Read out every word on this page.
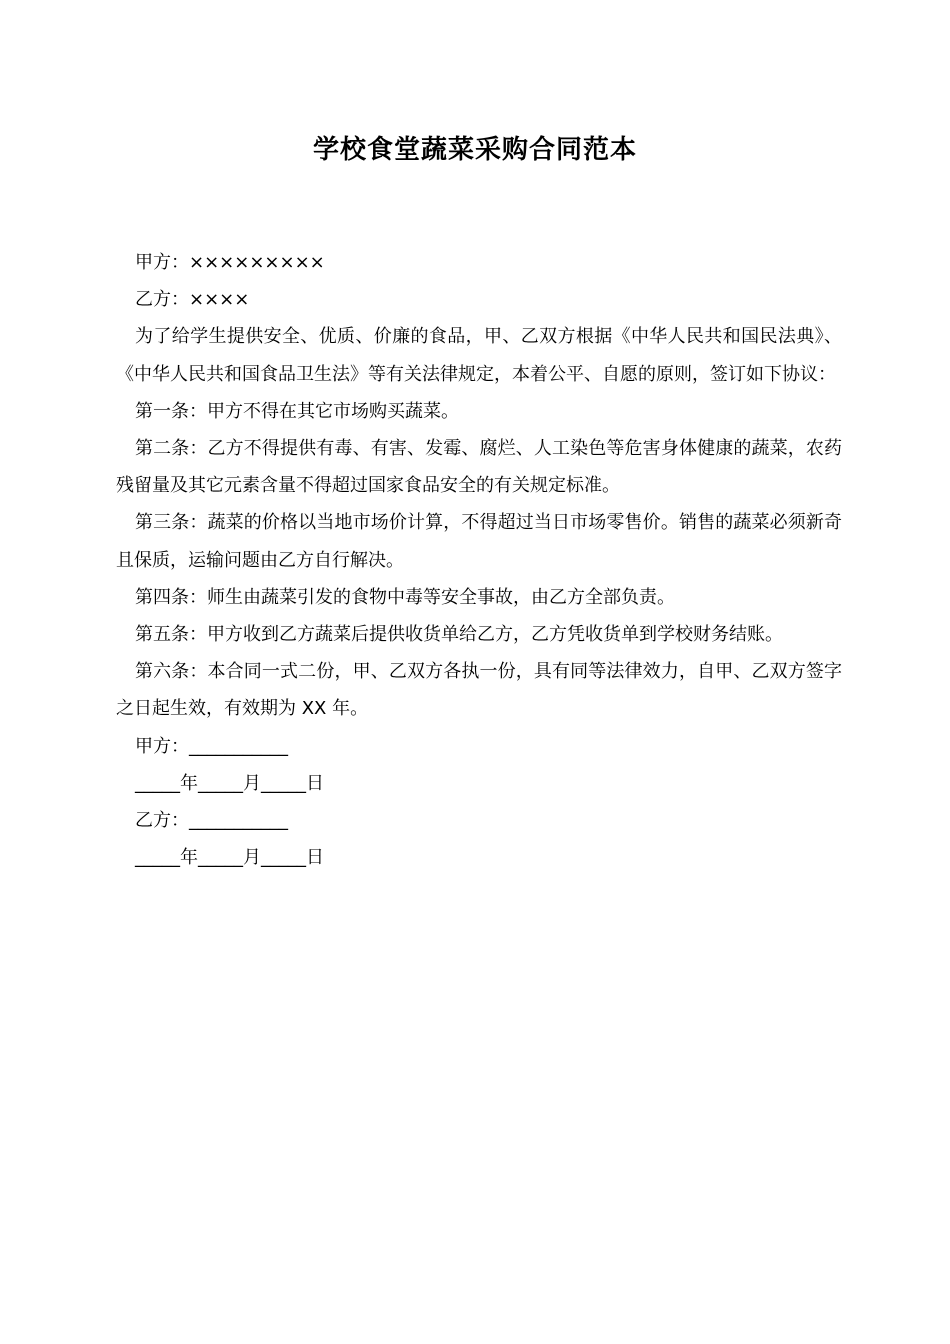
学校食堂蔬菜采购合同范本

甲方：×××××××××

乙方：××××

为了给学生提供安全、优质、价廉的食品，甲、乙双方根据《中华人民共和国民法典》、《中华人民共和国食品卫生法》等有关法律规定，本着公平、自愿的原则，签订如下协议：

第一条：甲方不得在其它市场购买蔬菜。

第二条：乙方不得提供有毒、有害、发霉、腐烂、人工染色等危害身体健康的蔬菜，农药残留量及其它元素含量不得超过国家食品安全的有关规定标准。

第三条：蔬菜的价格以当地市场价计算，不得超过当日市场零售价。销售的蔬菜必须新奇且保质，运输问题由乙方自行解决。

第四条：师生由蔬菜引发的食物中毒等安全事故，由乙方全部负责。

第五条：甲方收到乙方蔬菜后提供收货单给乙方，乙方凭收货单到学校财务结账。

第六条：本合同一式二份，甲、乙双方各执一份，具有同等法律效力，自甲、乙双方签字之日起生效，有效期为 XX 年。

甲方：___________

_____年_____月_____日

乙方：___________

_____年_____月_____日
